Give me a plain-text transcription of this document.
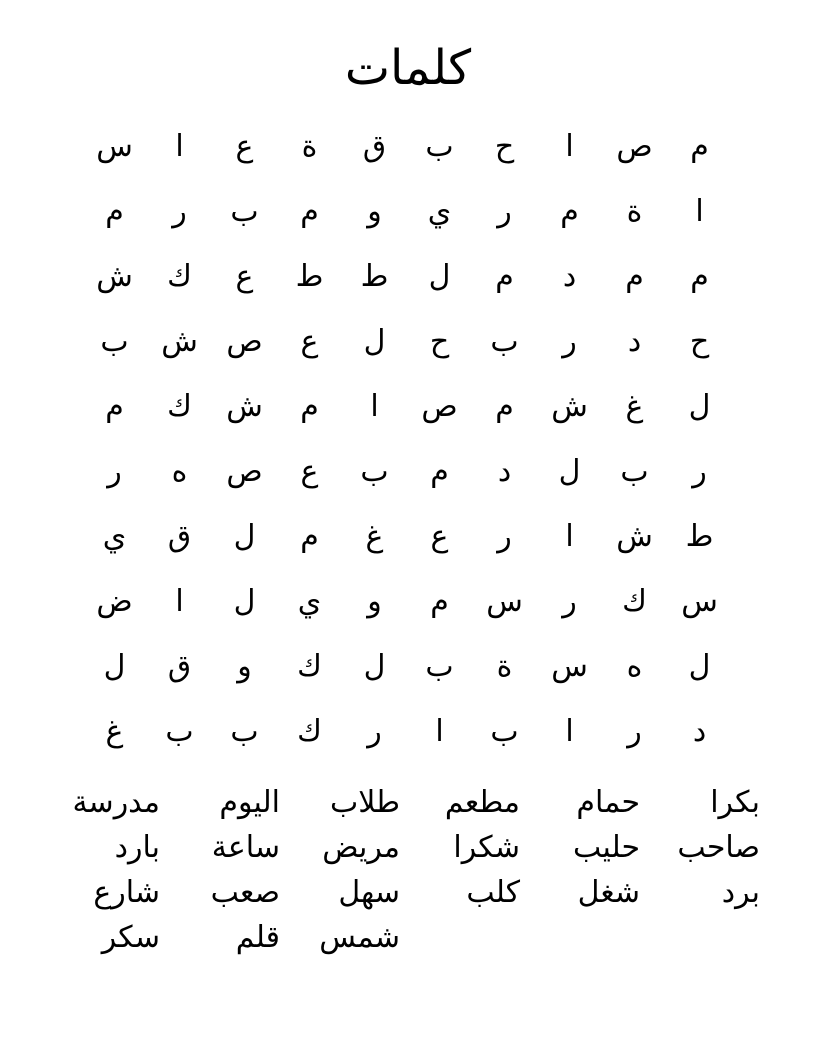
كلمات
م
ص
ا
ح
ب
ق
ة
ع
ا
س
ا
ة
م
ر
ي
و
م
ب
ر
م
م
م
د
م
ل
ط
ط
ع
ك
ش
ح
د
ر
ب
ح
ل
ع
ص
ش
ب
ل
غ
ش
م
ص
ا
م
ش
ك
م
ر
ب
ل
د
م
ب
ع
ص
ه
ر
ط
ش
ا
ر
ع
غ
م
ل
ق
ي
س
ك
ر
س
م
و
ي
ل
ا
ض
ل
ه
س
ة
ب
ل
ك
و
ق
ل
د
ر
ا
ب
ا
ر
ك
ب
ب
غ
بكرا
حمام
مطعم
طلاب
اليوم
مدرسة
صاحب
حليب
شكرا
مريض
ساعة
بارد
برد
شغل
كلب
سهل
صعب
شارع
شمس
قلم
سكر
